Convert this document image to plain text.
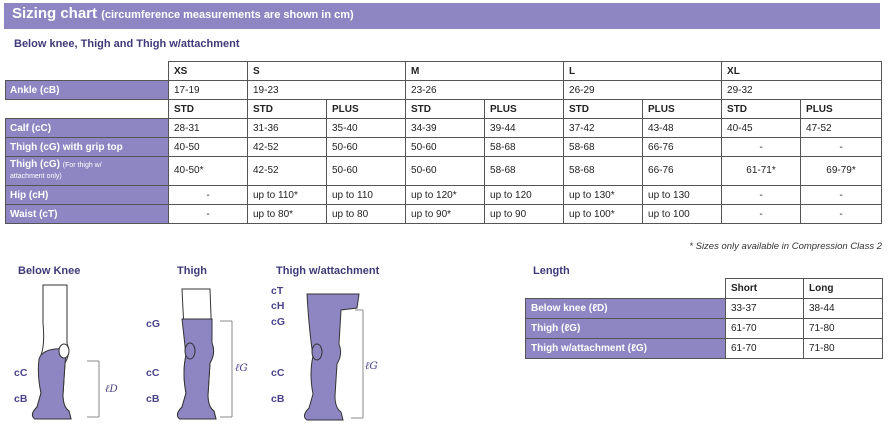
Sizing chart (circumference measurements are shown in cm)
Below knee, Thigh and Thigh w/attachment
	XS	S		M		L		XL	
Ankle (cB)	17-19	19-23		23-26		26-29		29-32	
	STD	STD	PLUS	STD	PLUS	STD	PLUS	STD	PLUS
Calf (cC)	28-31	31-36	35-40	34-39	39-44	37-42	43-48	40-45	47-52
Thigh (cG) with grip top	40-50	42-52	50-60	50-60	58-68	58-68	66-76	-	-
Thigh (cG) (For thigh w/
attachment only)	40-50*	42-52	50-60	50-60	58-68	58-68	66-76	61-71*	69-79*
Hip (cH)	-	up to 110*	up to 110	up to 120*	up to 120	up to 130*	up to 130	-	-
Waist (cT)	-	up to 80*	up to 80	up to 90*	up to 90	up to 100*	up to 100	-	-
* Sizes only available in Compression Class 2
Below Knee	Thigh	Thigh w/attachment
cC
cB
ℓD
cG
cC
cB
ℓG
cT
cH
cG
cC
cB
ℓG
Length
	Short	Long
Below knee (ℓD)	33-37	38-44
Thigh (ℓG)	61-70	71-80
Thigh w/attachment (ℓG)	61-70	71-80
